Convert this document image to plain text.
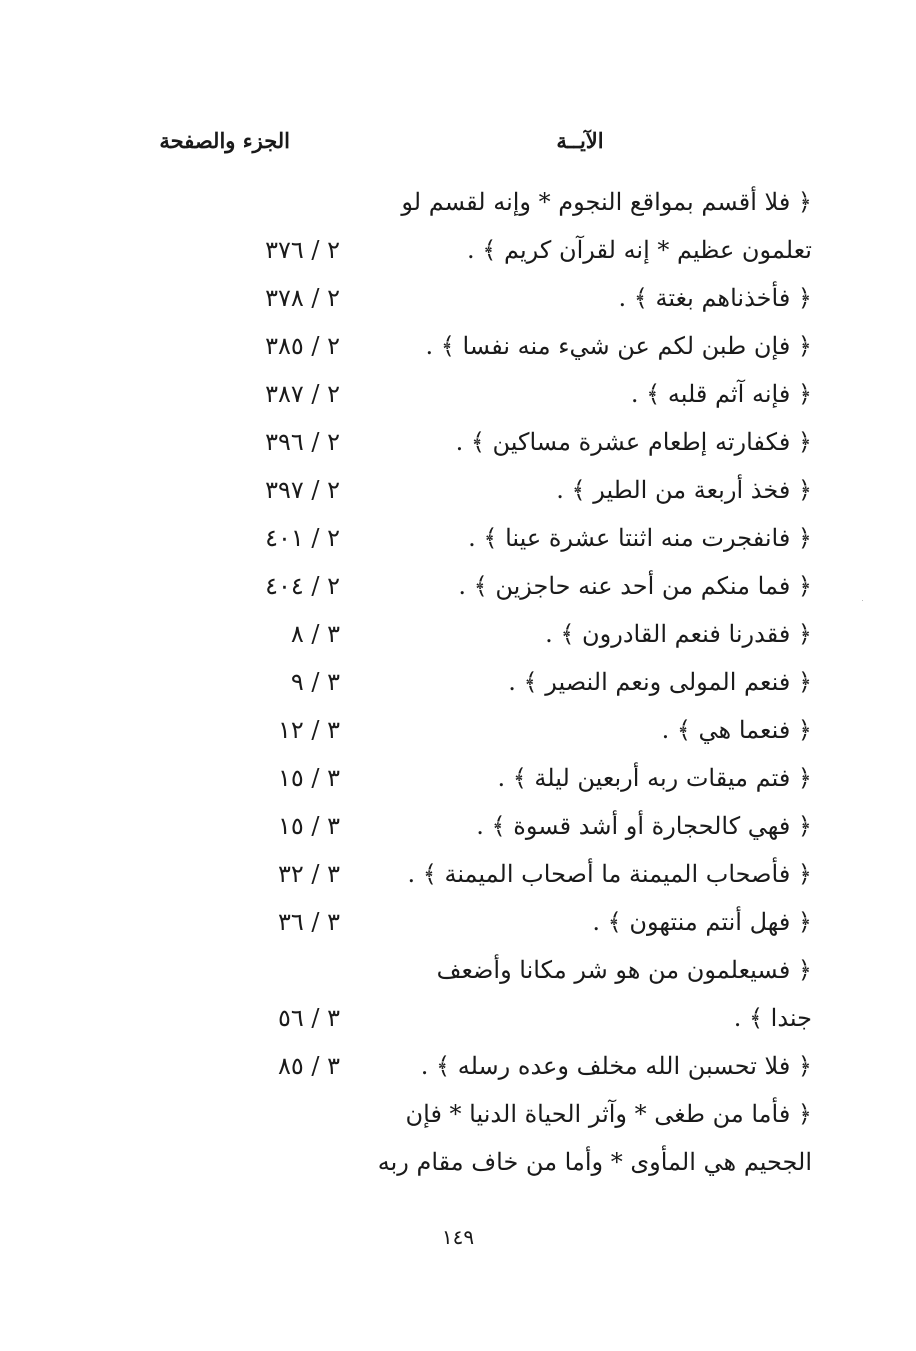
الآيــة
الجزء والصفحة
﴿ فلا أقسم بمواقع النجوم * وإنه لقسم لو
تعلمون عظيم * إنه لقرآن كريم ﴾ .
٢ / ٣٧٦
﴿ فأخذناهم بغتة ﴾ .
٢ / ٣٧٨
﴿ فإن طبن لكم عن شيء منه نفسا ﴾ .
٢ / ٣٨٥
﴿ فإنه آثم قلبه ﴾ .
٢ / ٣٨٧
﴿ فكفارته إطعام عشرة مساكين ﴾ .
٢ / ٣٩٦
﴿ فخذ أربعة من الطير ﴾ .
٢ / ٣٩٧
﴿ فانفجرت منه اثنتا عشرة عينا ﴾ .
٢ / ٤٠١
﴿ فما منكم من أحد عنه حاجزين ﴾ .
٢ / ٤٠٤
﴿ فقدرنا فنعم القادرون ﴾ .
٣ / ٨
﴿ فنعم المولى ونعم النصير ﴾ .
٣ / ٩
﴿ فنعما هي ﴾ .
٣ / ١٢
﴿ فتم ميقات ربه أربعين ليلة ﴾ .
٣ / ١٥
﴿ فهي كالحجارة أو أشد قسوة ﴾ .
٣ / ١٥
﴿ فأصحاب الميمنة ما أصحاب الميمنة ﴾ .
٣ / ٣٢
﴿ فهل أنتم منتهون ﴾ .
٣ / ٣٦
﴿ فسيعلمون من هو شر مكانا وأضعف
جندا ﴾ .
٣ / ٥٦
﴿ فلا تحسبن الله مخلف وعده رسله ﴾ .
٣ / ٨٥
﴿ فأما من طغى * وآثر الحياة الدنيا * فإن
الجحيم هي المأوى * وأما من خاف مقام ربه
١٤٩
